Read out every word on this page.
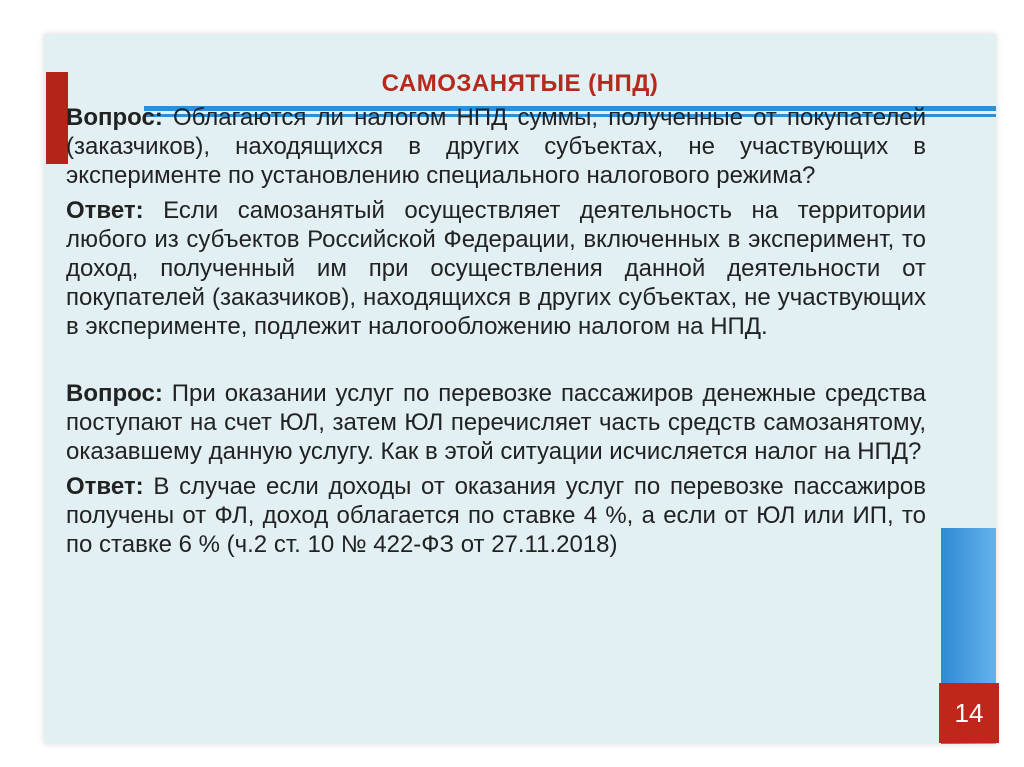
САМОЗАНЯТЫЕ (НПД)

Вопрос: Облагаются ли налогом НПД суммы, полученные от покупателей (заказчиков), находящихся в других субъектах, не участвующих в эксперименте по установлению специального налогового режима?

Ответ: Если самозанятый осуществляет деятельность на территории любого из субъектов Российской Федерации, включенных в эксперимент, то доход, полученный им при осуществления данной деятельности от покупателей (заказчиков), находящихся в других субъектах, не участвующих в эксперименте, подлежит налогообложению налогом на НПД.

Вопрос: При оказании услуг по перевозке пассажиров денежные средства поступают на счет ЮЛ, затем ЮЛ перечисляет часть средств самозанятому, оказавшему данную услугу. Как в этой ситуации исчисляется налог на НПД?

Ответ: В случае если доходы от оказания услуг по перевозке пассажиров получены от ФЛ, доход облагается по ставке 4 %, а если от ЮЛ или ИП, то по ставке 6 % (ч.2 ст. 10 № 422-ФЗ от 27.11.2018)

14
